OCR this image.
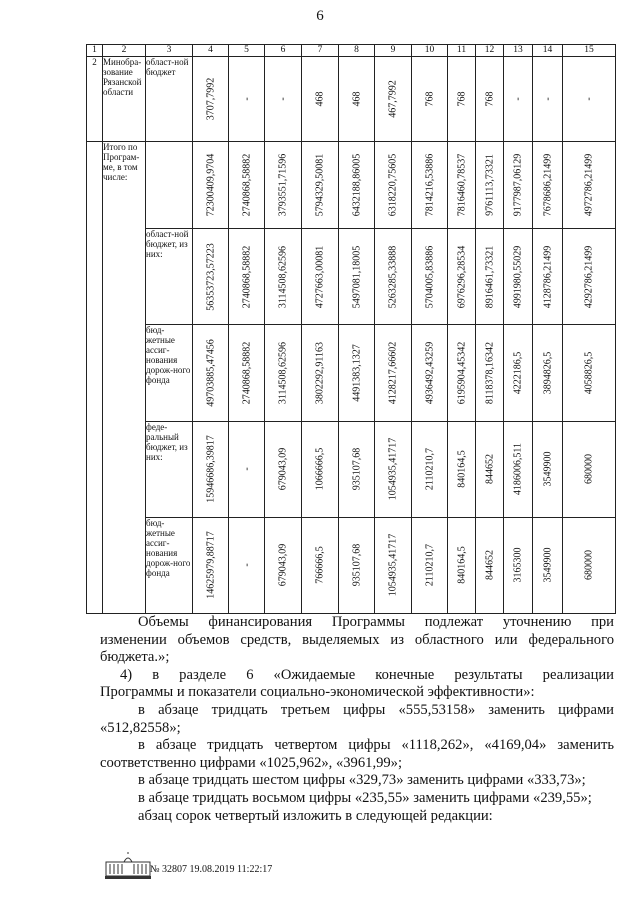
6
1	2	3	4	5	6	7	8	9	10	11	12	13	14	15
2	Минобра-зование Рязанской области	област-ной бюджет	3707,7992	-	-	468	468	467,7992	768	768	768	-	-	-

	Итого по Програм-ме, в том числе:		72300409,9704	2740868,58882	3793551,71596	5794329,50081	6432188,86005	6318220,75605	7814216,53886	7816460,78537	9761113,73321	9177987,06129	7678686,21499	4972786,21499

		област-ной бюджет, из них:	56353723,57223	2740868,58882	3114508,62596	4727663,00081	5497081,18005	5263285,33888	5704005,83886	6976296,28534	8916461,73321	4991980,55029	4128786,21499	4292786,21499

		бюд-жетные ассиг-нования дорож-ного фонда	49703885,47456	2740868,58882	3114508,62596	3802292,91163	4491383,1327	4128217,66602	4936492,43259	6195904,45342	8118378,16342	4222186,5	3894826,5	4058826,5

		феде-ральный бюджет, из них:	15946686,39817	-	679043,09	1066666,5	935107,68	1054935,41717	2110210,7	840164,5	844652	4186006,511	3549900	680000

		бюд-жетные ассиг-нования дорож-ного фонда	14625979,88717	-	679043,09	766666,5	935107,68	1054935,41717	2110210,7	840164,5	844652	3165300	3549900	680000

Объемы финансирования Программы подлежат уточнению при

изменении объемов средств, выделяемых из областного или федерального

бюджета.»;

4) в разделе 6 «Ожидаемые конечные результаты реализации

Программы и показатели социально-экономической эффективности»:

в абзаце тридцать третьем цифры «555,53158» заменить цифрами

«512,82558»;

в абзаце тридцать четвертом цифры «1118,262», «4169,04» заменить

соответственно цифрами «1025,962», «3961,99»;

в абзаце тридцать шестом цифры «329,73» заменить цифрами «333,73»;

в абзаце тридцать восьмом цифры «235,55» заменить цифрами «239,55»;

абзац сорок четвертый изложить в следующей редакции:

№ 32807 19.08.2019 11:22:17
